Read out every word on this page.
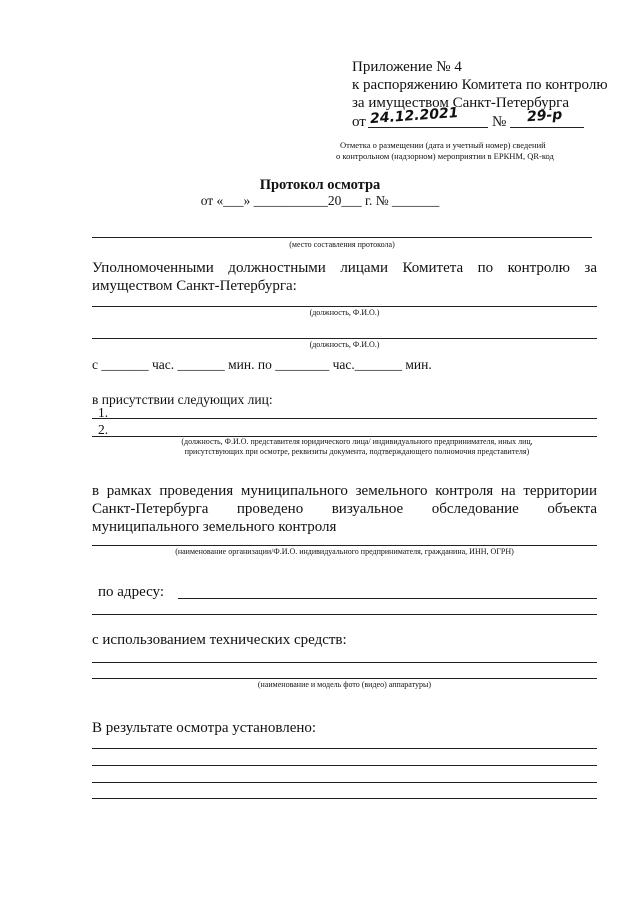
Приложение № 4
к распоряжению Комитета по контролю
за имуществом Санкт-Петербурга
от 24.12.2021 № 29-р
Отметка о размещении (дата и учетный номер) сведений
о контрольном (надзорном) мероприятии в ЕРКНМ, QR-код
Протокол осмотра
от «___» ___________20___ г. № _______
(место составления протокола)
Уполномоченными должностными лицами Комитета по контролю за имуществом Санкт-Петербурга:
(должность, Ф.И.О.)
(должность, Ф.И.О.)
с _______ час. _______ мин. по ________ час._______ мин.
в присутствии следующих лиц:
1.
2.
(должность, Ф.И.О. представителя юридического лица/ индивидуального предпринимателя, иных лиц,
присутствующих при осмотре, реквизиты документа, подтверждающего полномочия представителя)
в рамках проведения муниципального земельного контроля на территории Санкт-Петербурга проведено визуальное обследование объекта муниципального земельного контроля
(наименование организации/Ф.И.О. индивидуального предпринимателя, гражданина, ИНН, ОГРН)
по адресу:
с использованием технических средств:
(наименование и модель фото (видео) аппаратуры)
В результате осмотра установлено:
